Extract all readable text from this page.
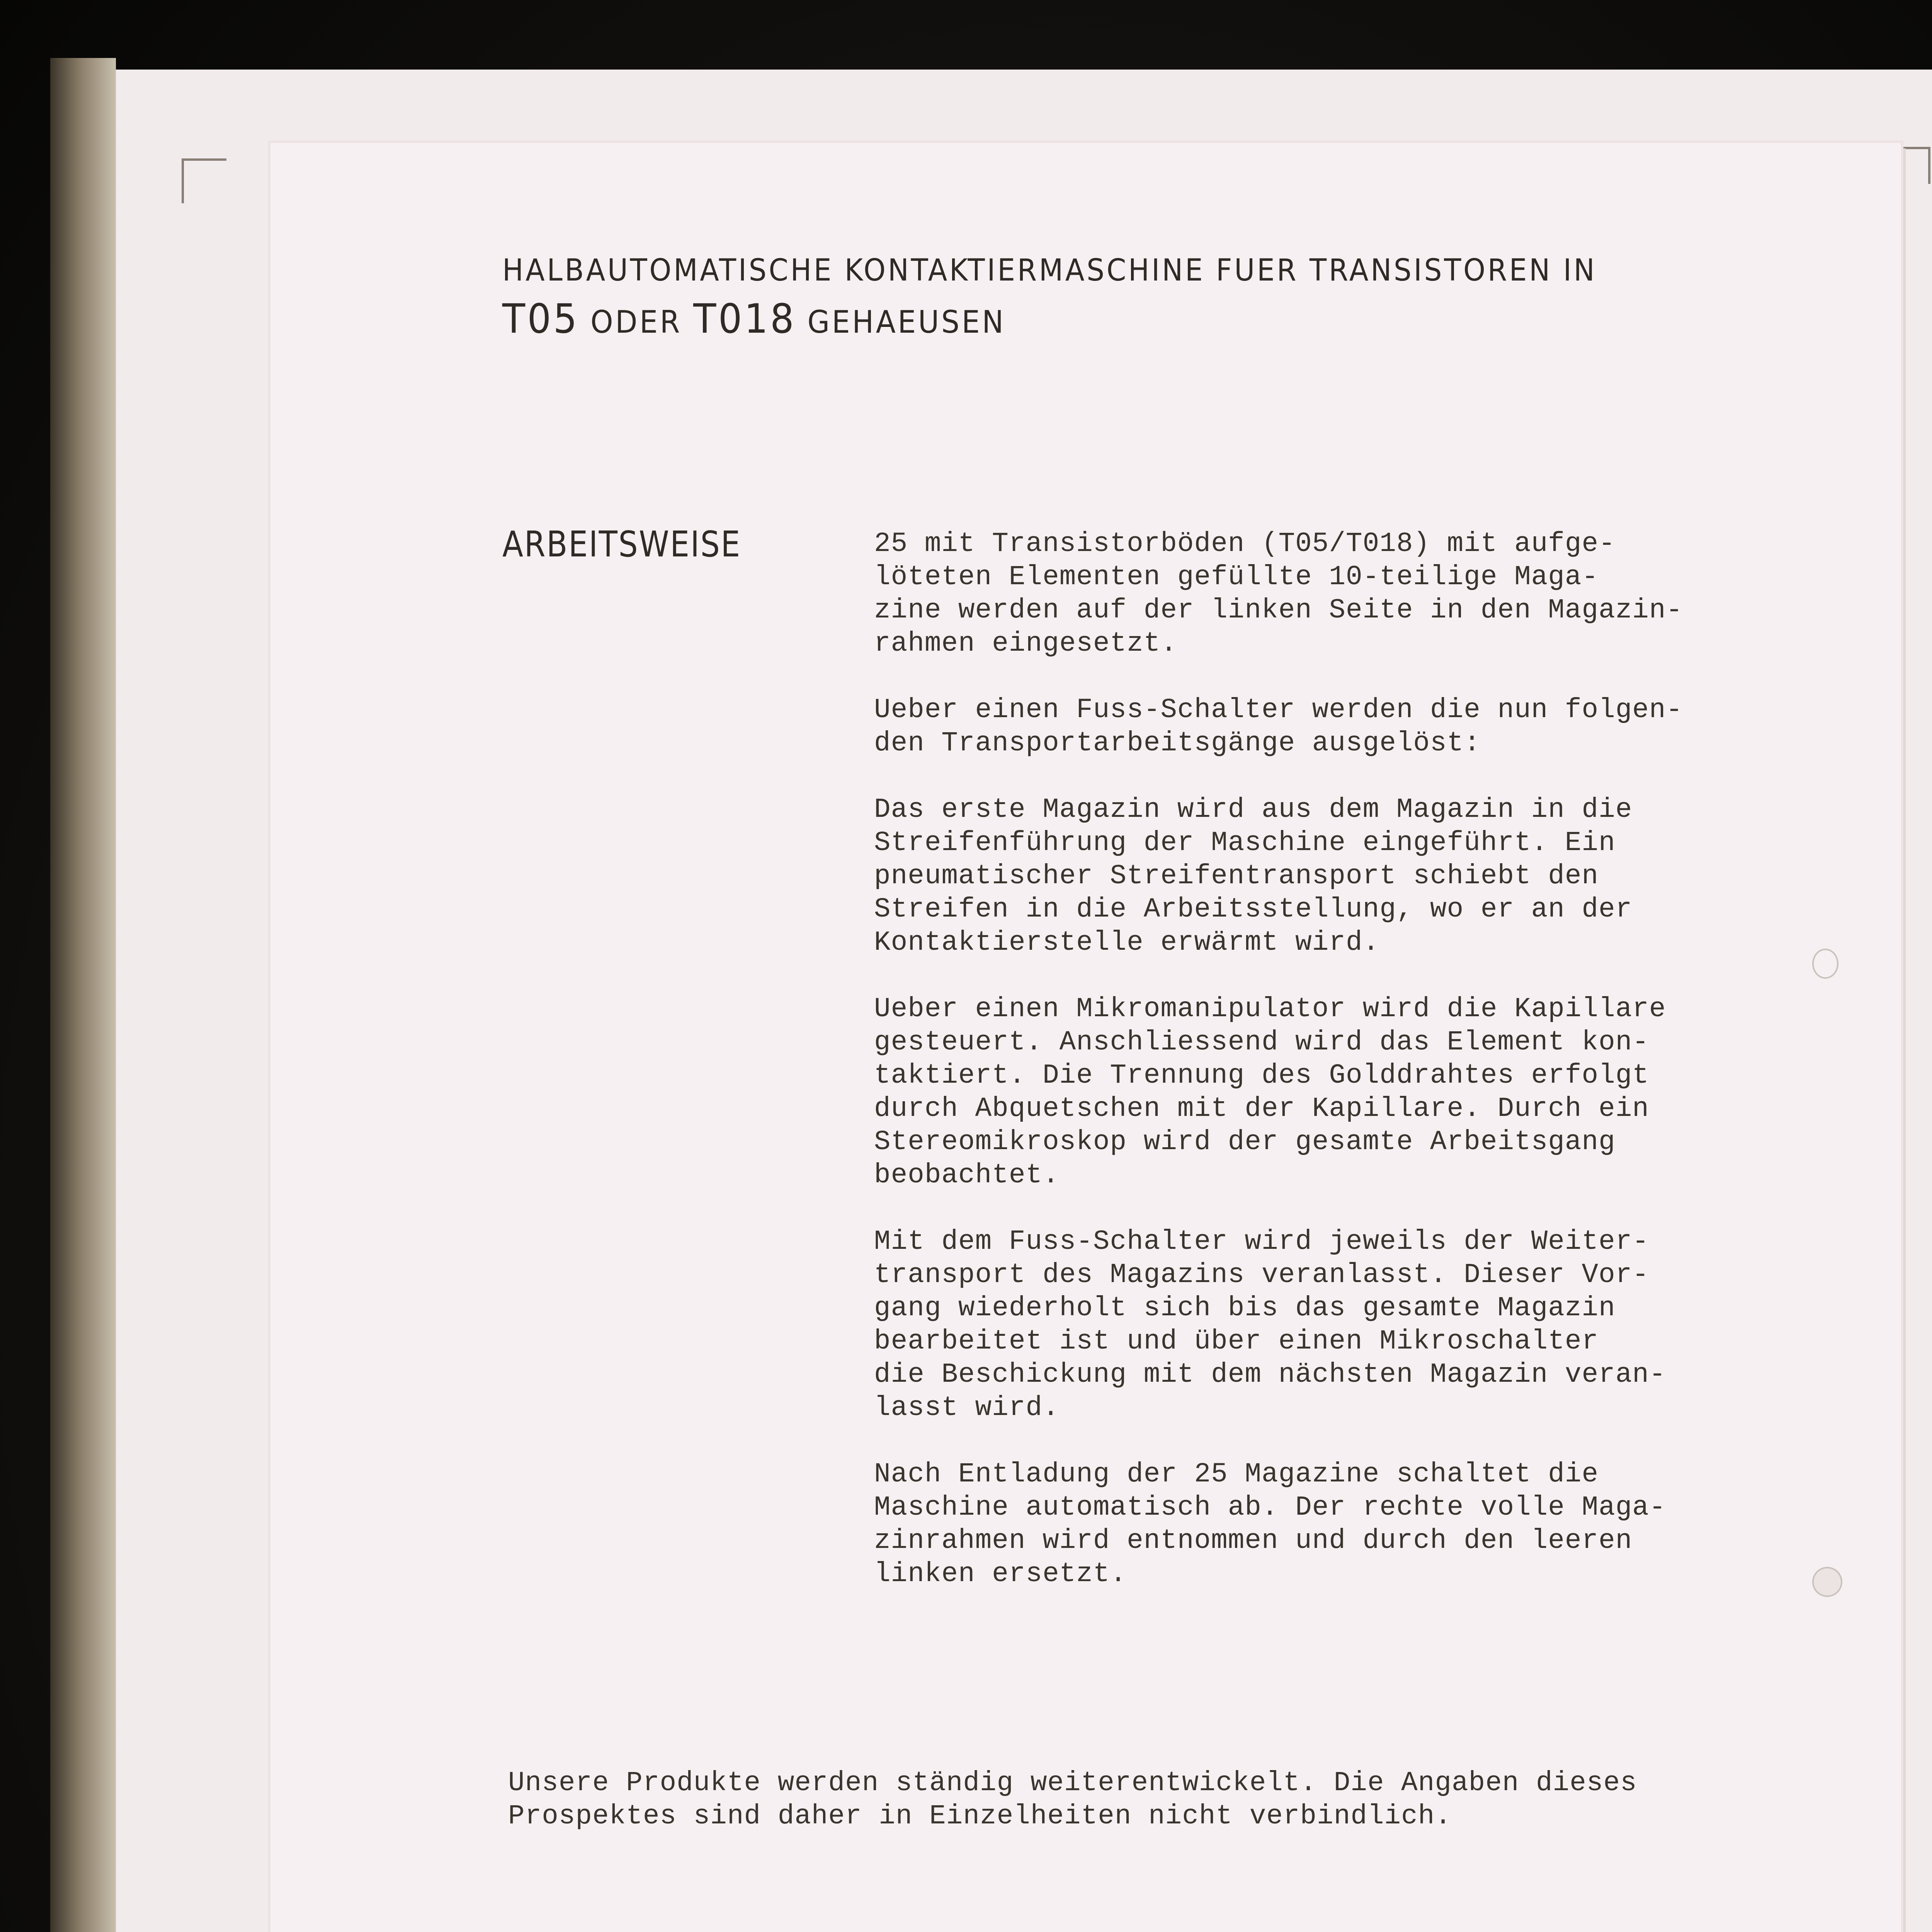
HALBAUTOMATISCHE KONTAKTIERMASCHINE FUER TRANSISTOREN IN
T05 ODER T018 GEHAEUSEN
ARBEITSWEISE	25 mit Transistorböden (T05/T018) mit aufge-
löteten Elementen gefüllte 10-teilige Maga-
zine werden auf der linken Seite in den Magazin-
rahmen eingesetzt.
Ueber einen Fuss-Schalter werden die nun folgen-
den Transportarbeitsgänge ausgelöst:
Das erste Magazin wird aus dem Magazin in die
Streifenführung der Maschine eingeführt. Ein
pneumatischer Streifentransport schiebt den
Streifen in die Arbeitsstellung, wo er an der
Kontaktierstelle erwärmt wird.
Ueber einen Mikromanipulator wird die Kapillare
gesteuert. Anschliessend wird das Element kon-
taktiert. Die Trennung des Golddrahtes erfolgt
durch Abquetschen mit der Kapillare. Durch ein
Stereomikroskop wird der gesamte Arbeitsgang
beobachtet.
Mit dem Fuss-Schalter wird jeweils der Weiter-
transport des Magazins veranlasst. Dieser Vor-
gang wiederholt sich bis das gesamte Magazin
bearbeitet ist und über einen Mikroschalter
die Beschickung mit dem nächsten Magazin veran-
lasst wird.
Nach Entladung der 25 Magazine schaltet die
Maschine automatisch ab. Der rechte volle Maga-
zinrahmen wird entnommen und durch den leeren
linken ersetzt.
Unsere Produkte werden ständig weiterentwickelt. Die Angaben dieses
Prospektes sind daher in Einzelheiten nicht verbindlich.
